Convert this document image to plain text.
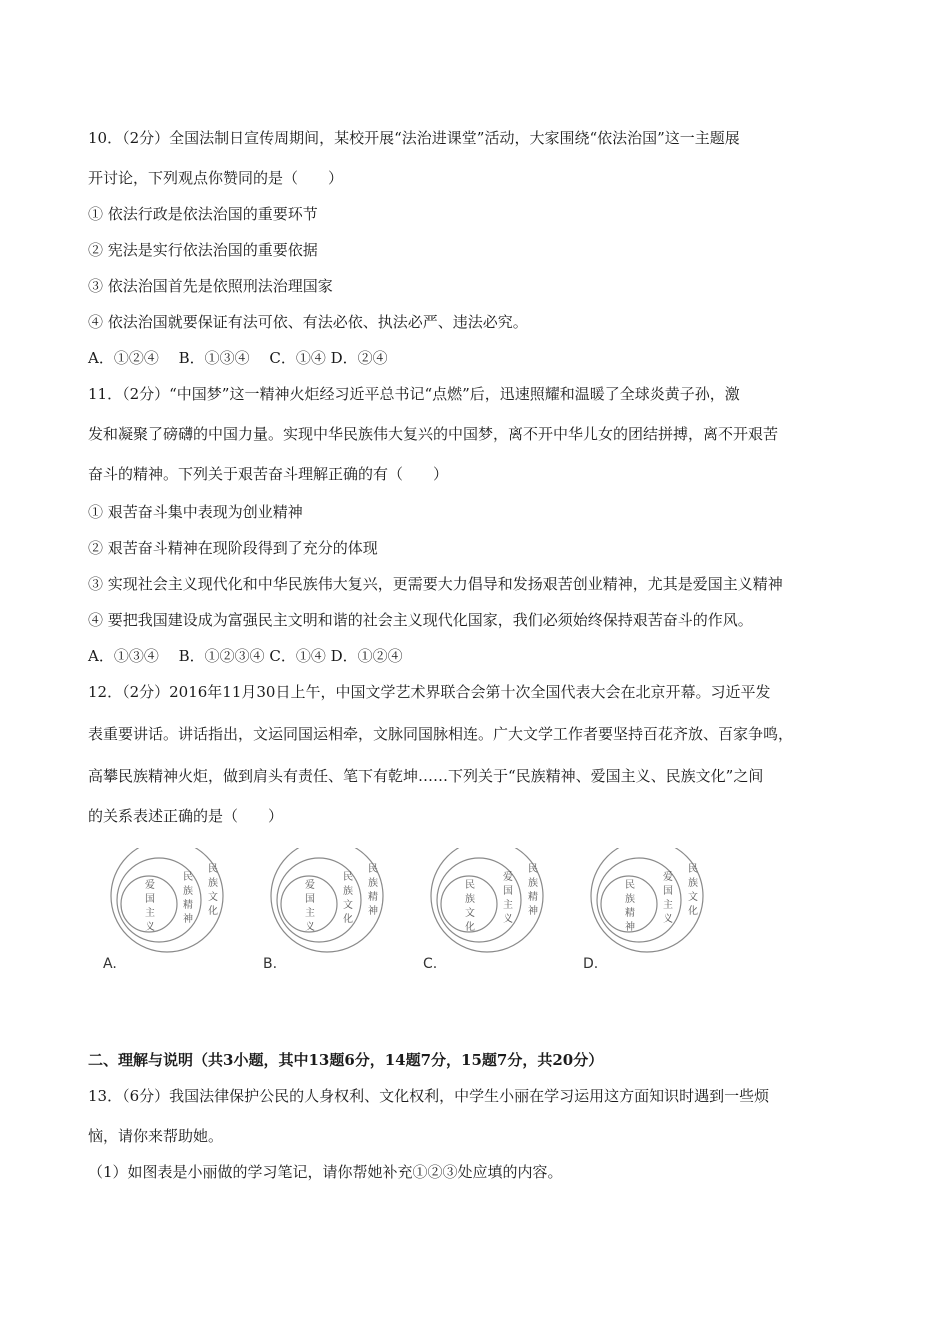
10．（2分）全国法制日宣传周期间，某校开展“法治进课堂”活动，大家围绕“依法治国”这一主题展
开讨论，下列观点你赞同的是（　　）
① 依法行政是依法治国的重要环节
② 宪法是实行依法治国的重要依据
③ 依法治国首先是依照刑法治理国家
④ 依法治国就要保证有法可依、有法必依、执法必严、违法必究。
A．①②④　 B．①③④　 C．①④ D．②④
11．（2分）“中国梦”这一精神火炬经习近平总书记“点燃”后，迅速照耀和温暖了全球炎黄子孙，激
发和凝聚了磅礴的中国力量。实现中华民族伟大复兴的中国梦，离不开中华儿女的团结拼搏，离不开艰苦
奋斗的精神。下列关于艰苦奋斗理解正确的有（　　）
① 艰苦奋斗集中表现为创业精神
② 艰苦奋斗精神在现阶段得到了充分的体现
③ 实现社会主义现代化和中华民族伟大复兴，更需要大力倡导和发扬艰苦创业精神，尤其是爱国主义精神
④ 要把我国建设成为富强民主文明和谐的社会主义现代化国家，我们必须始终保持艰苦奋斗的作风。
A．①③④　 B．①②③④ C．①④ D．①②④
12．（2分）2016年11月30日上午，中国文学艺术界联合会第十次全国代表大会在北京开幕。习近平发
表重要讲话。讲话指出，文运同国运相牵，文脉同国脉相连。广大文学工作者要坚持百花齐放、百家争鸣，
高攀民族精神火炬，做到肩头有责任、笔下有乾坤……下列关于“民族精神、爱国主义、民族文化”之间
的关系表述正确的是（　　）
爱
国
主
义
民
族
精
神
民
族
文
化
A.
爱
国
主
义
民
族
文
化
民
族
精
神
B.
民
族
文
化
爱
国
主
义
民
族
精
神
C.
民
族
精
神
爱
国
主
义
民
族
文
化
D.
二、理解与说明（共3小题，其中13题6分，14题7分，15题7分，共20分）
13．（6分）我国法律保护公民的人身权利、文化权利，中学生小丽在学习运用这方面知识时遇到一些烦
恼，请你来帮助她。
（1）如图表是小丽做的学习笔记，请你帮她补充①②③处应填的内容。
